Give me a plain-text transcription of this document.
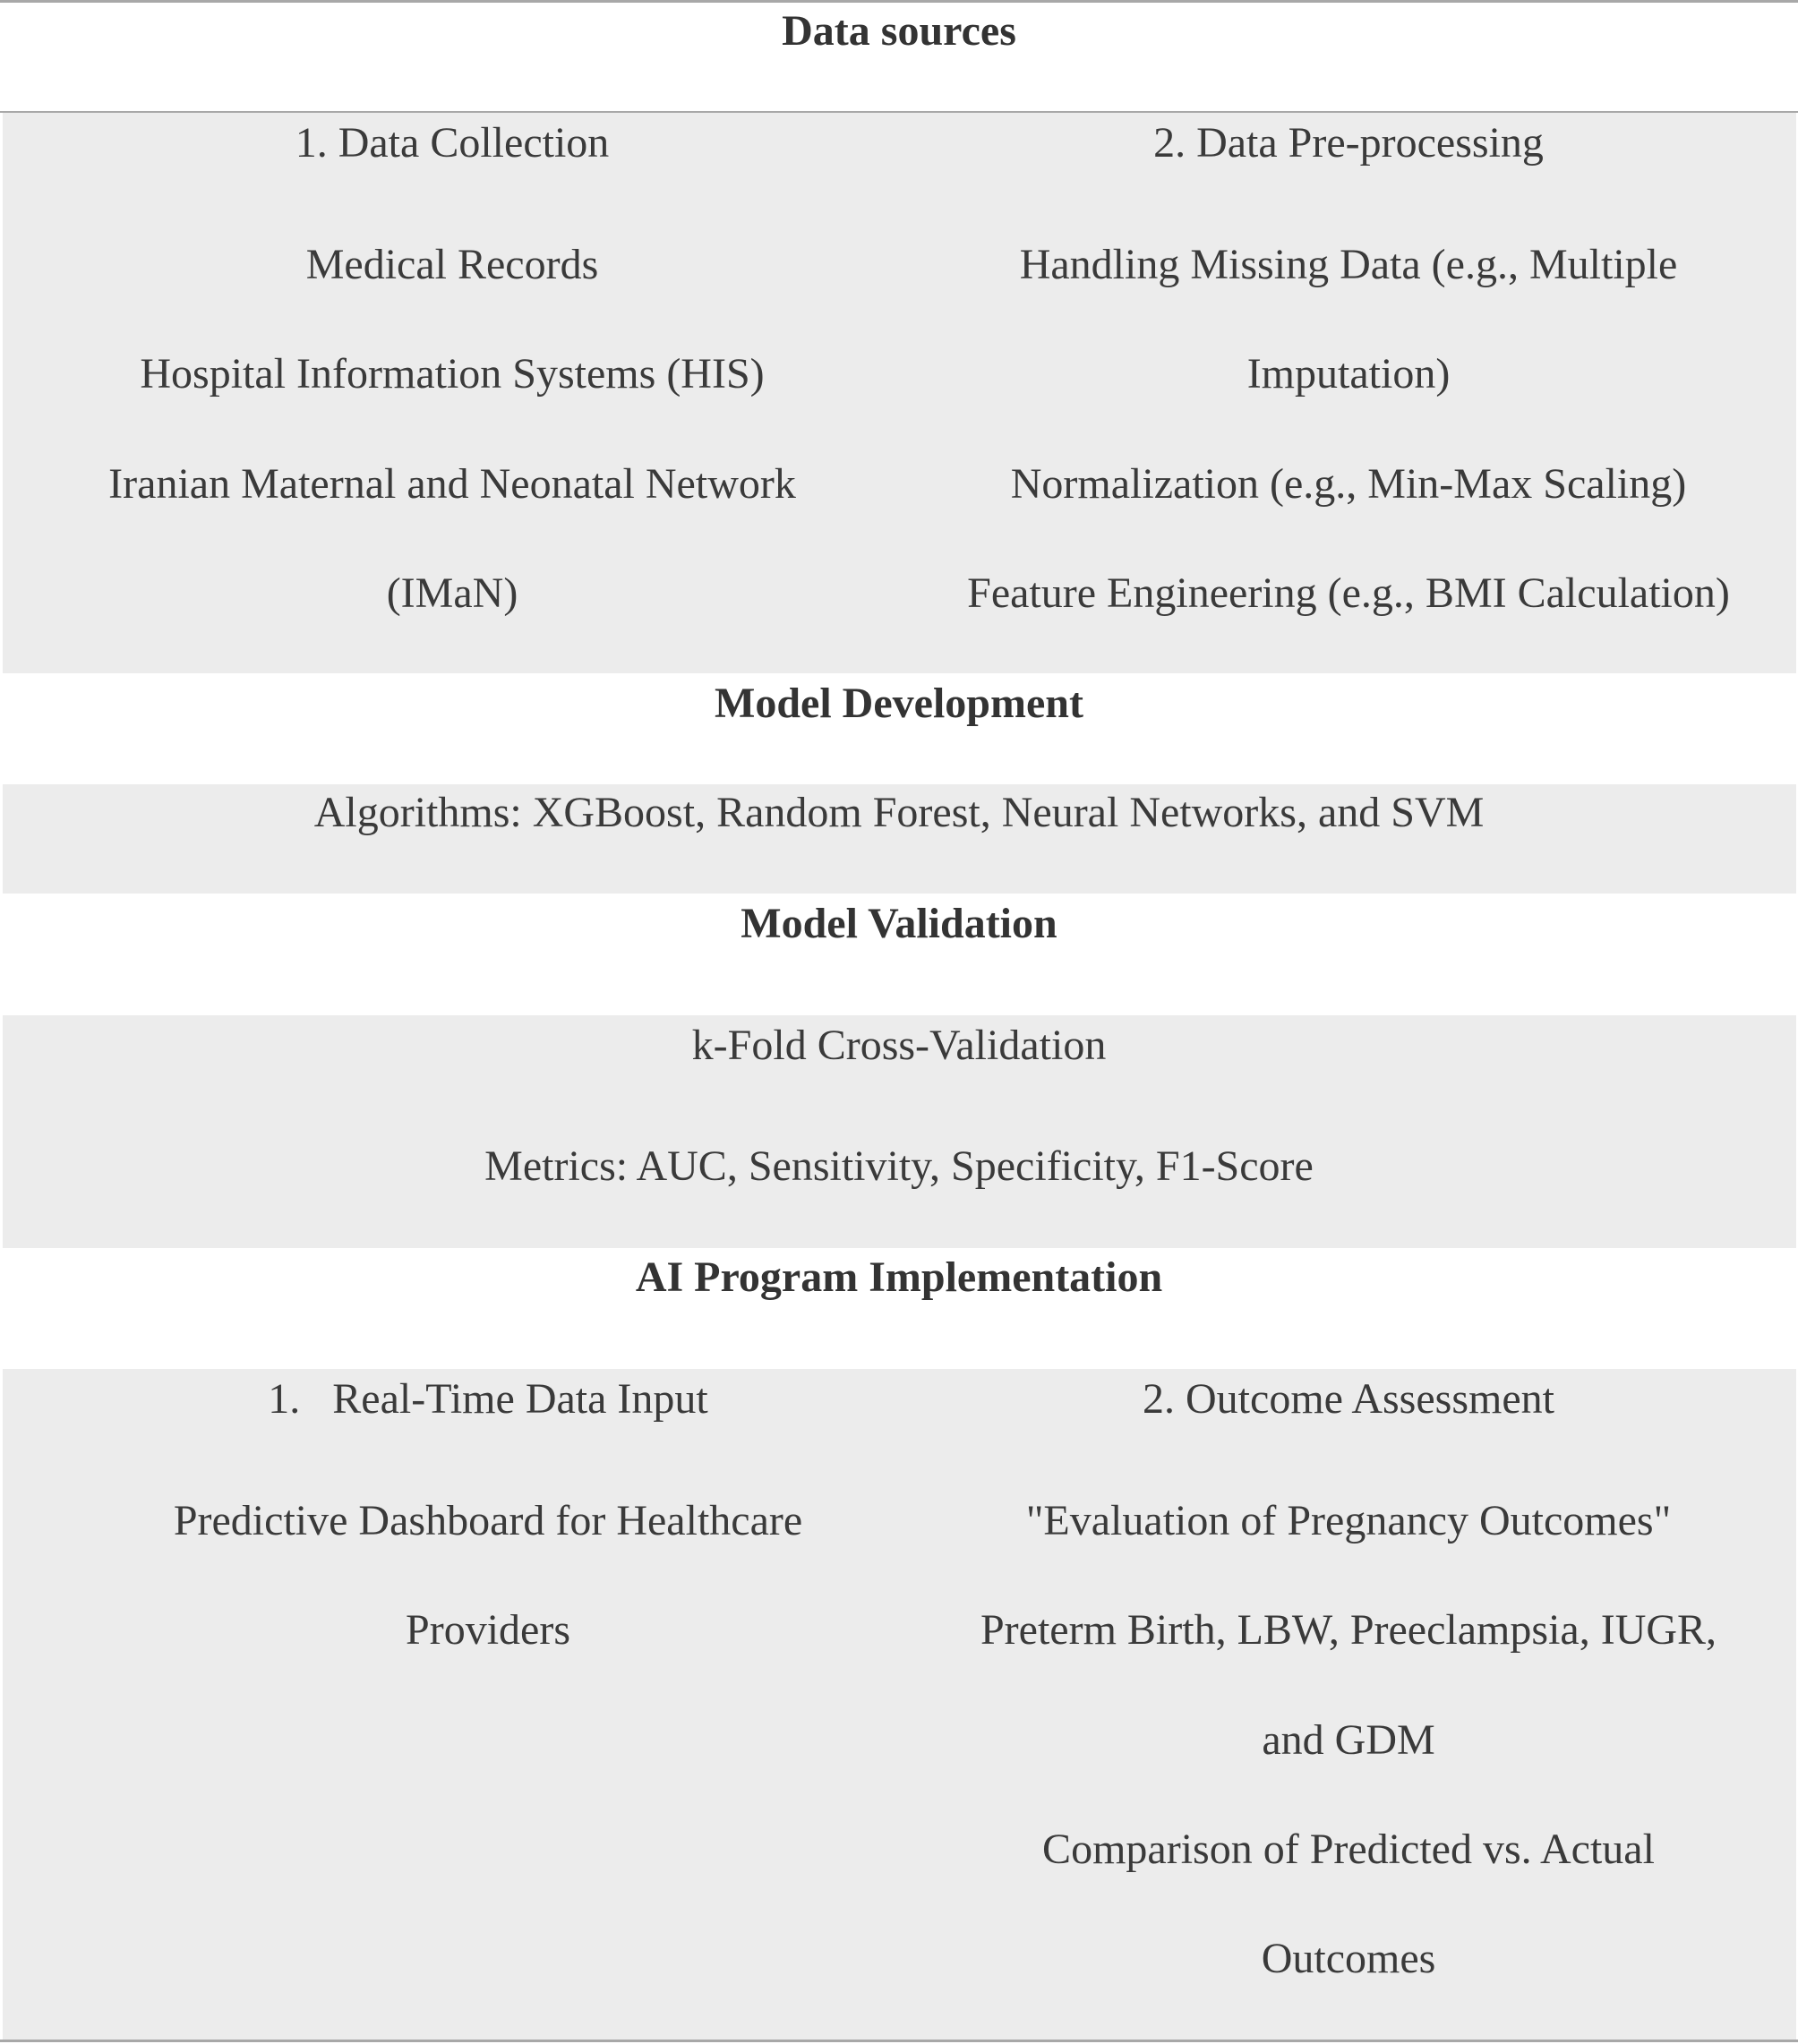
Data sources
1. Data Collection
Medical Records
Hospital Information Systems (HIS)
Iranian Maternal and Neonatal Network
(IMaN)
2. Data Pre-processing
Handling Missing Data (e.g., Multiple
Imputation)
Normalization (e.g., Min-Max Scaling)
Feature Engineering (e.g., BMI Calculation)
Model Development
Algorithms: XGBoost, Random Forest, Neural Networks, and SVM
Model Validation
k-Fold Cross-Validation
Metrics: AUC, Sensitivity, Specificity, F1-Score
AI Program Implementation
1.   Real-Time Data Input
Predictive Dashboard for Healthcare
Providers
2. Outcome Assessment
"Evaluation of Pregnancy Outcomes"
Preterm Birth, LBW, Preeclampsia, IUGR,
and GDM
Comparison of Predicted vs. Actual
Outcomes
